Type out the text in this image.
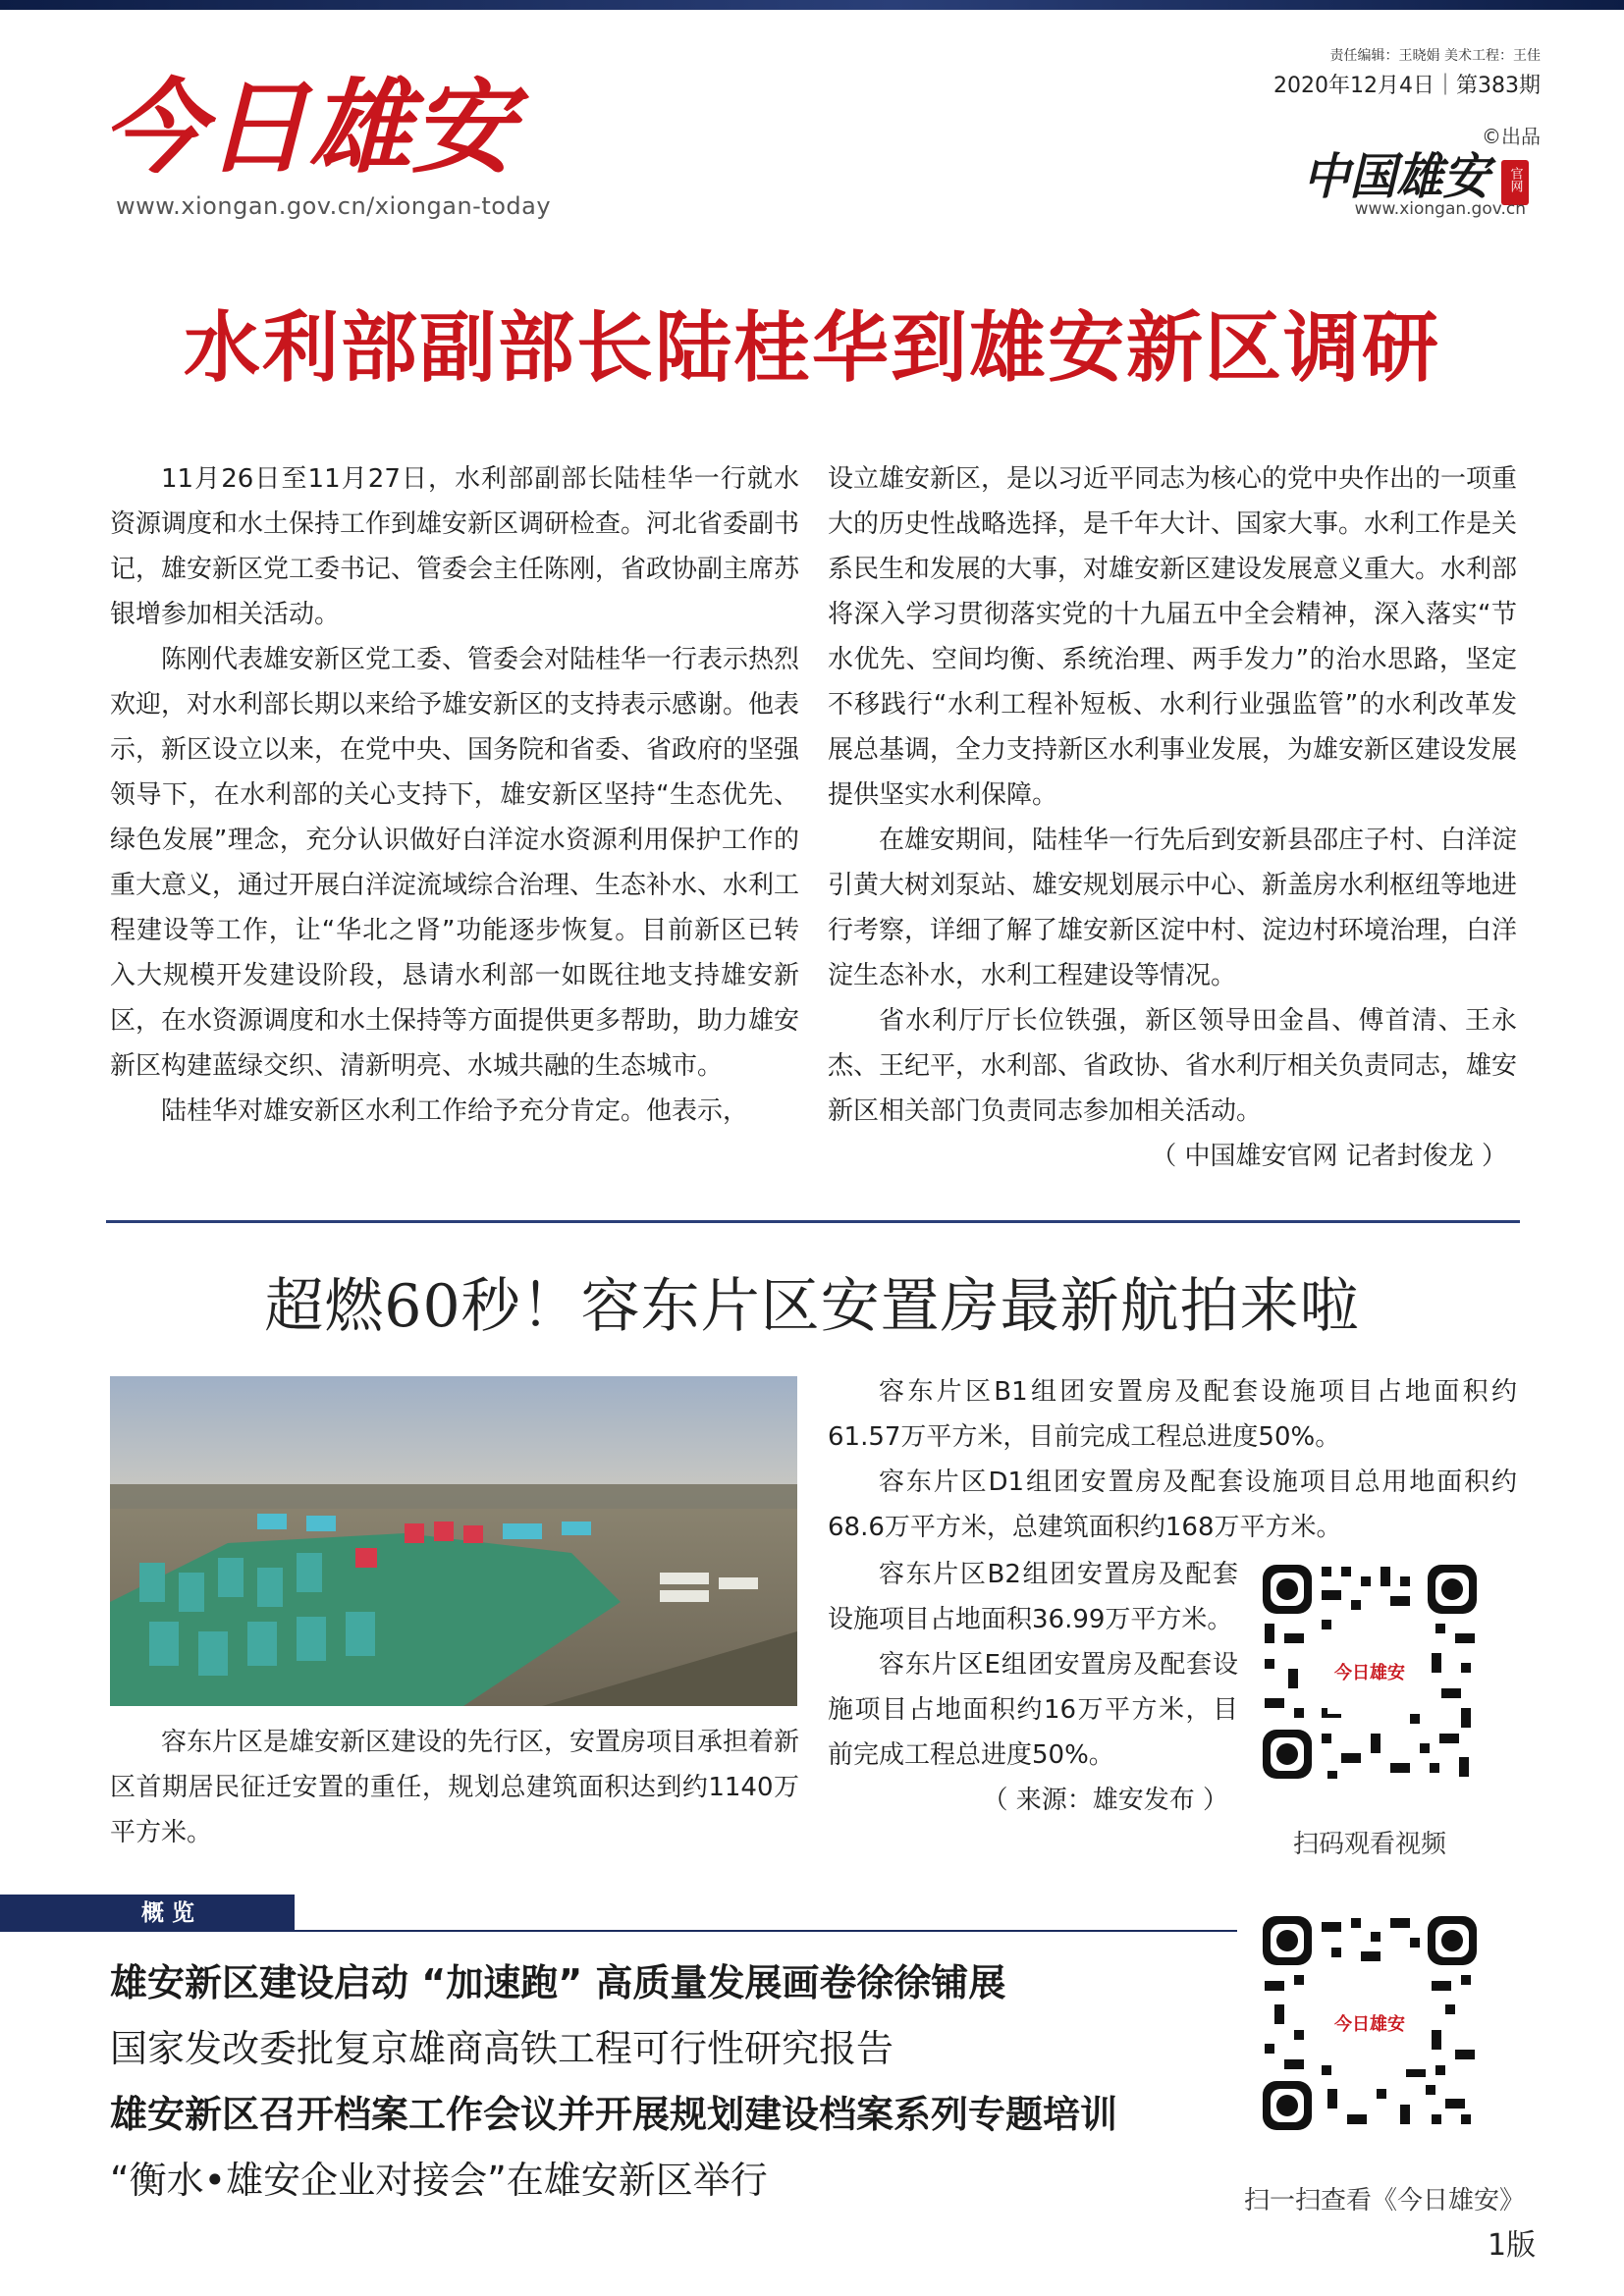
今日雄安
www.xiongan.gov.cn/xiongan-today
责任编辑：王晓娟 美术工程：王佳
2020年12月4日｜第383期
©出品
中国雄安 官网
www.xiongan.gov.cn
水利部副部长陆桂华到雄安新区调研

11月26日至11月27日，水利部副部长陆桂华一行就水资源调度和水土保持工作到雄安新区调研检查。河北省委副书记，雄安新区党工委书记、管委会主任陈刚，省政协副主席苏银增参加相关活动。

陈刚代表雄安新区党工委、管委会对陆桂华一行表示热烈欢迎，对水利部长期以来给予雄安新区的支持表示感谢。他表示，新区设立以来，在党中央、国务院和省委、省政府的坚强领导下，在水利部的关心支持下，雄安新区坚持“生态优先、绿色发展”理念，充分认识做好白洋淀水资源利用保护工作的重大意义，通过开展白洋淀流域综合治理、生态补水、水利工程建设等工作，让“华北之肾”功能逐步恢复。目前新区已转入大规模开发建设阶段，恳请水利部一如既往地支持雄安新区，在水资源调度和水土保持等方面提供更多帮助，助力雄安新区构建蓝绿交织、清新明亮、水城共融的生态城市。

陆桂华对雄安新区水利工作给予充分肯定。他表示，

设立雄安新区，是以习近平同志为核心的党中央作出的一项重大的历史性战略选择，是千年大计、国家大事。水利工作是关系民生和发展的大事，对雄安新区建设发展意义重大。水利部将深入学习贯彻落实党的十九届五中全会精神，深入落实“节水优先、空间均衡、系统治理、两手发力”的治水思路，坚定不移践行“水利工程补短板、水利行业强监管”的水利改革发展总基调，全力支持新区水利事业发展，为雄安新区建设发展提供坚实水利保障。

在雄安期间，陆桂华一行先后到安新县邵庄子村、白洋淀引黄大树刘泵站、雄安规划展示中心、新盖房水利枢纽等地进行考察，详细了解了雄安新区淀中村、淀边村环境治理，白洋淀生态补水，水利工程建设等情况。

省水利厅厅长位铁强，新区领导田金昌、傅首清、王永杰、王纪平，水利部、省政协、省水利厅相关负责同志，雄安新区相关部门负责同志参加相关活动。

（ 中国雄安官网 记者封俊龙 ）

超燃60秒！容东片区安置房最新航拍来啦

容东片区是雄安新区建设的先行区，安置房项目承担着新区首期居民征迁安置的重任，规划总建筑面积达到约1140万平方米。

容东片区B1组团安置房及配套设施项目占地面积约61.57万平方米，目前完成工程总进度50%。

容东片区D1组团安置房及配套设施项目总用地面积约68.6万平方米，总建筑面积约168万平方米。

容东片区B2组团安置房及配套设施项目占地面积36.99万平方米。

容东片区E组团安置房及配套设施项目占地面积约16万平方米，目前完成工程总进度50%。

（ 来源：雄安发布 ）

今日雄安
扫码观看视频
概览
雄安新区建设启动 “加速跑” 高质量发展画卷徐徐铺展
国家发改委批复京雄商高铁工程可行性研究报告
雄安新区召开档案工作会议并开展规划建设档案系列专题培训
“衡水•雄安企业对接会”在雄安新区举行
今日雄安
扫一扫查看《今日雄安》
1版
